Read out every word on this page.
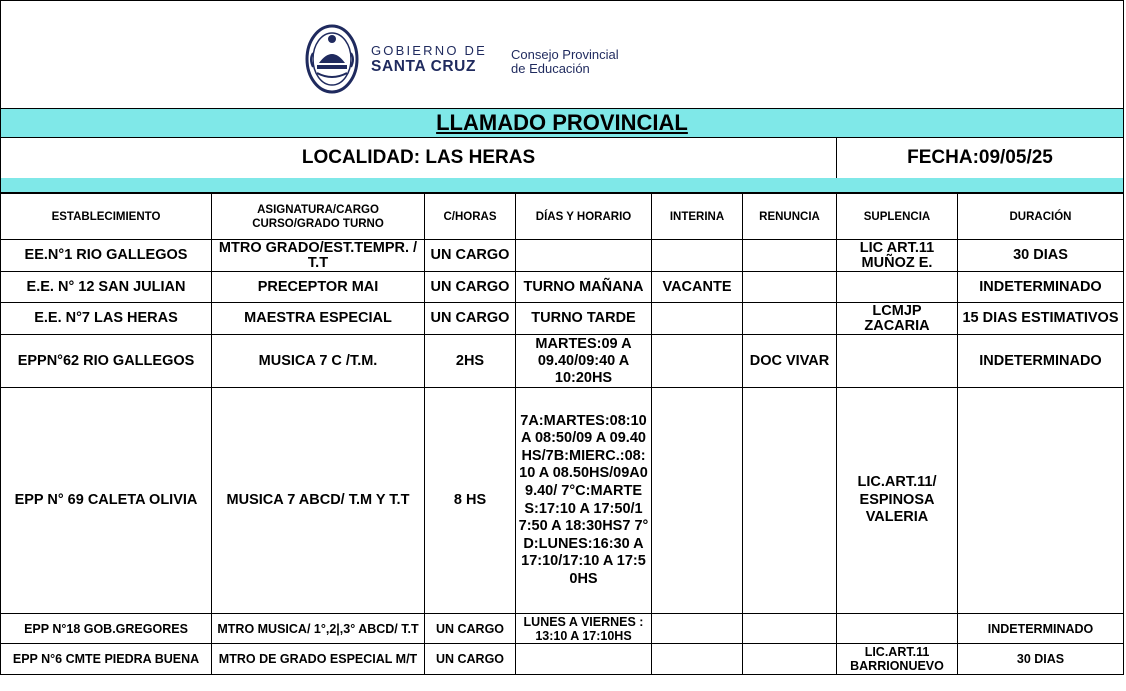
GOBIERNO DE
SANTA CRUZ
Consejo Provincial
de Educación
LLAMADO PROVINCIAL
LOCALIDAD: LAS HERAS	FECHA:09/05/25
ESTABLECIMIENTO	ASIGNATURA/CARGO CURSO/GRADO TURNO	C/HORAS	DÍAS Y HORARIO	INTERINA	RENUNCIA	SUPLENCIA	DURACIÓN
EE.N°1 RIO GALLEGOS	MTRO GRADO/EST.TEMPR. / T.T	UN CARGO				LIC ART.11 MUÑOZ E.	30 DIAS
E.E. N° 12 SAN JULIAN	PRECEPTOR MAI	UN CARGO	TURNO MAÑANA	VACANTE			INDETERMINADO
E.E. N°7 LAS HERAS	MAESTRA ESPECIAL	UN CARGO	TURNO TARDE			LCMJP ZACARIA	15 DIAS ESTIMATIVOS
EPPN°62 RIO GALLEGOS	MUSICA 7 C /T.M.	2HS	MARTES:09 A 09.40/09:40 A 10:20HS		DOC VIVAR		INDETERMINADO
EPP N° 69 CALETA OLIVIA	MUSICA 7 ABCD/ T.M Y T.T	8 HS	7A:MARTES:08:10 A 08:50/09 A 09.40HS/7B:MIERC.:08:10 A 08.50HS/09A09.40/ 7°C:MARTES:17:10 A 17:50/17:50 A 18:30HS7 7°D:LUNES:16:30 A 17:10/17:10 A 17:50HS			LIC.ART.11/ ESPINOSA VALERIA	
EPP N°18 GOB.GREGORES	MTRO MUSICA/ 1°,2|,3° ABCD/ T.T	UN CARGO	LUNES A VIERNES : 13:10 A 17:10HS				INDETERMINADO
EPP N°6 CMTE PIEDRA BUENA	MTRO DE GRADO ESPECIAL M/T	UN CARGO				LIC.ART.11 BARRIONUEVO	30 DIAS
